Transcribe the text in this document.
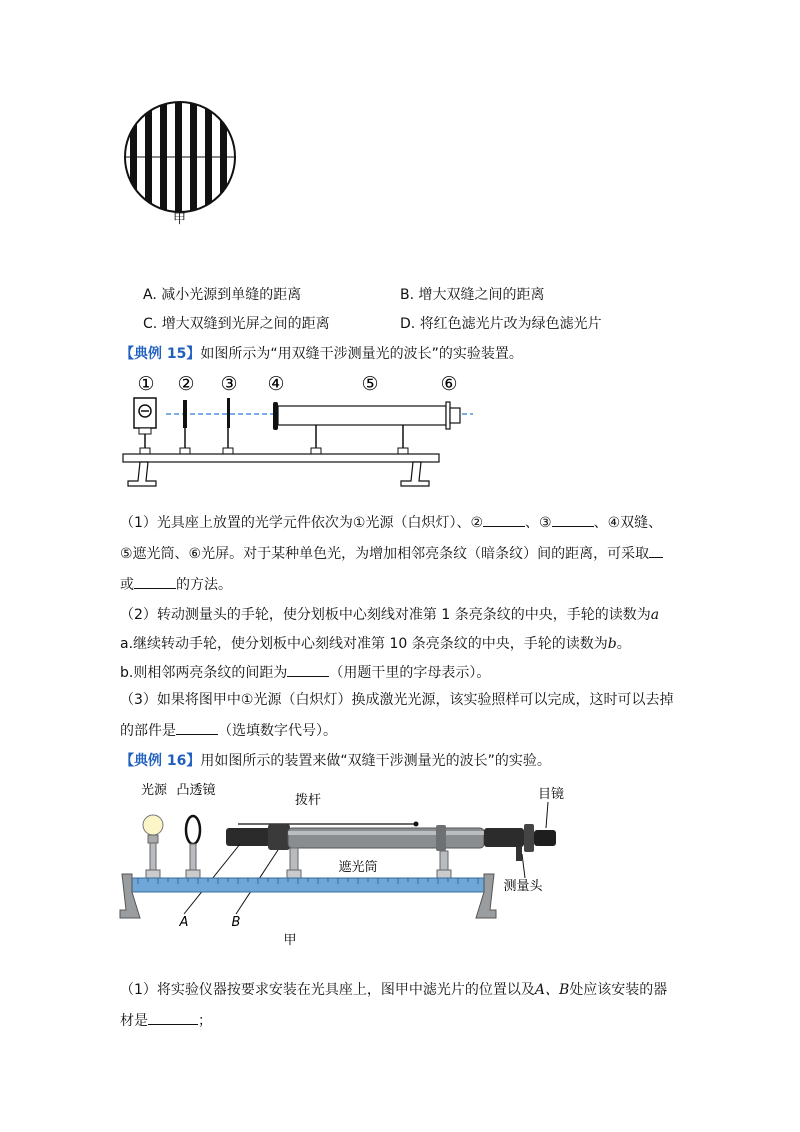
甲
A. 减小光源到单缝的距离	B. 增大双缝之间的距离
C. 增大双缝到光屏之间的距离	D. 将红色滤光片改为绿色滤光片
【典例 15】如图所示为“用双缝干涉测量光的波长”的实验装置。
① ② ③ ④	⑤	⑥
（1）光具座上放置的光学元件依次为①光源（白炽灯）、②	、③	、④双缝、
⑤遮光筒、⑥光屏。对于某种单色光，为增加相邻亮条纹（暗条纹）间的距离，可采取
或	的方法。
（2）转动测量头的手轮，使分划板中心刻线对准第 1 条亮条纹的中央，手轮的读数为a
a.继续转动手轮，使分划板中心刻线对准第 10 条亮条纹的中央，手轮的读数为b。
b.则相邻两亮条纹的间距为	（用题干里的字母表示）。
（3）如果将图甲中①光源（白炽灯）换成激光光源，该实验照样可以完成，这时可以去掉
的部件是	（选填数字代号）。
【典例 16】用如图所示的装置来做“双缝干涉测量光的波长”的实验。
光源 凸透镜
拨杆	目镜
遮光筒
测量头
A	B
甲
（1）将实验仪器按要求安装在光具座上，图甲中滤光片的位置以及A、B处应该安装的器
材是	；
